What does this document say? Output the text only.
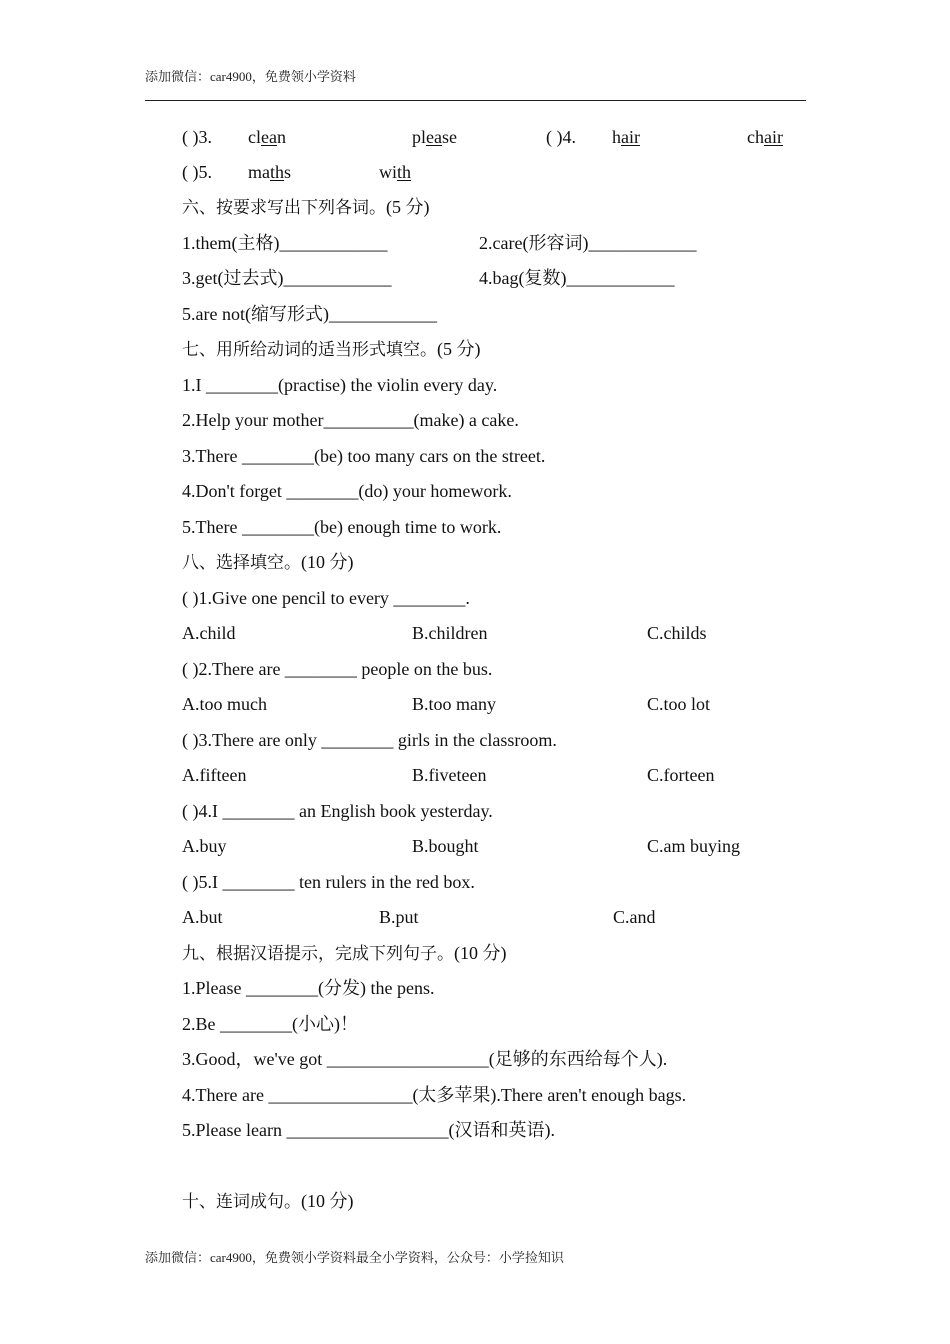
添加微信：car4900，免费领小学资料
( )3. clean	please	( )4. hair	chair
( )5. maths	with
六、按要求写出下列各词。(5 分)
1.them(主格)____________	2.care(形容词)____________
3.get(过去式)____________	4.bag(复数)____________
5.are not(缩写形式)____________
七、用所给动词的适当形式填空。(5 分)
1.I ________(practise) the violin every day.
2.Help your mother__________(make) a cake.
3.There ________(be) too many cars on the street.
4.Don't forget ________(do) your homework.
5.There ________(be) enough time to work.
八、选择填空。(10 分)
( )1.Give one pencil to every ________.
A.child	B.children	C.childs
( )2.There are ________ people on the bus.
A.too much	B.too many	C.too lot
( )3.There are only ________ girls in the classroom.
A.fifteen	B.fiveteen	C.forteen
( )4.I ________ an English book yesterday.
A.buy	B.bought	C.am buying
( )5.I ________ ten rulers in the red box.
A.but	B.put	C.and
九、根据汉语提示，完成下列句子。(10 分)
1.Please ________(分发) the pens.
2.Be ________(小心)！
3.Good，we've got __________________(足够的东西给每个人).
4.There are ________________(太多苹果).There aren't enough bags.
5.Please learn __________________(汉语和英语).
十、连词成句。(10 分)
添加微信：car4900，免费领小学资料最全小学资料，公众号：小学捡知识
